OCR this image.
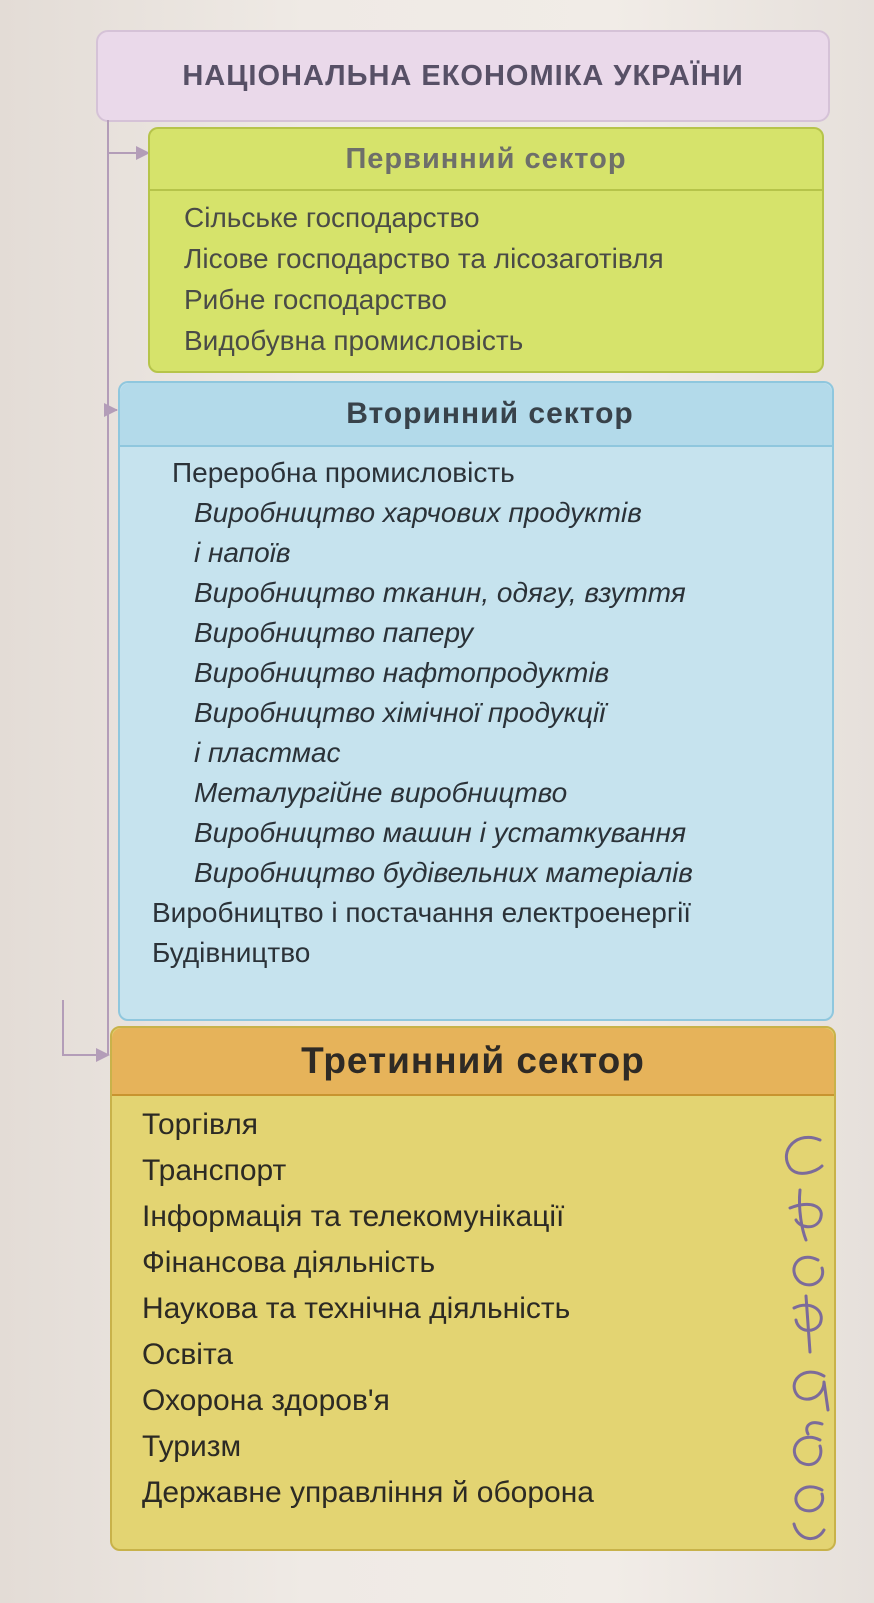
НАЦІОНАЛЬНА ЕКОНОМІКА УКРАЇНИ
Первинний сектор
Сільське господарство
Лісове господарство та лісозаготівля
Рибне господарство
Видобувна промисловість
Вторинний сектор
Переробна промисловість
Виробництво харчових продуктів
і напоїв
Виробництво тканин, одягу, взуття
Виробництво паперу
Виробництво нафтопродуктів
Виробництво хімічної продукції
і пластмас
Металургійне виробництво
Виробництво машин і устаткування
Виробництво будівельних матеріалів
Виробництво і постачання електроенергії
Будівництво
Третинний сектор
Торгівля
Транспорт
Інформація та телекомунікації
Фінансова діяльність
Наукова та технічна діяльність
Освіта
Охорона здоров'я
Туризм
Державне управління й оборона
